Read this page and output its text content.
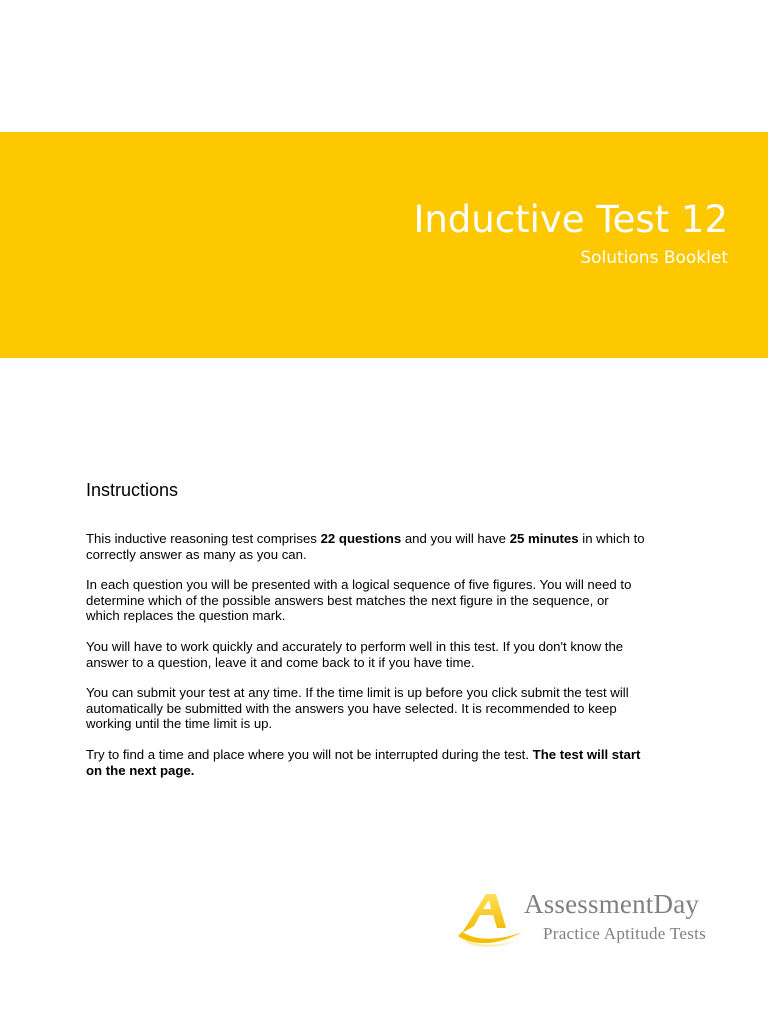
Inductive Test 12
Solutions Booklet
Instructions

This inductive reasoning test comprises 22 questions and you will have 25 minutes in which to correctly answer as many as you can.

In each question you will be presented with a logical sequence of five figures. You will need to determine which of the possible answers best matches the next figure in the sequence, or which replaces the question mark.

You will have to work quickly and accurately to perform well in this test. If you don't know the answer to a question, leave it and come back to it if you have time.

You can submit your test at any time. If the time limit is up before you click submit the test will automatically be submitted with the answers you have selected. It is recommended to keep working until the time limit is up.

Try to find a time and place where you will not be interrupted during the test. The test will start on the next page.

AssessmentDay
Practice Aptitude Tests
